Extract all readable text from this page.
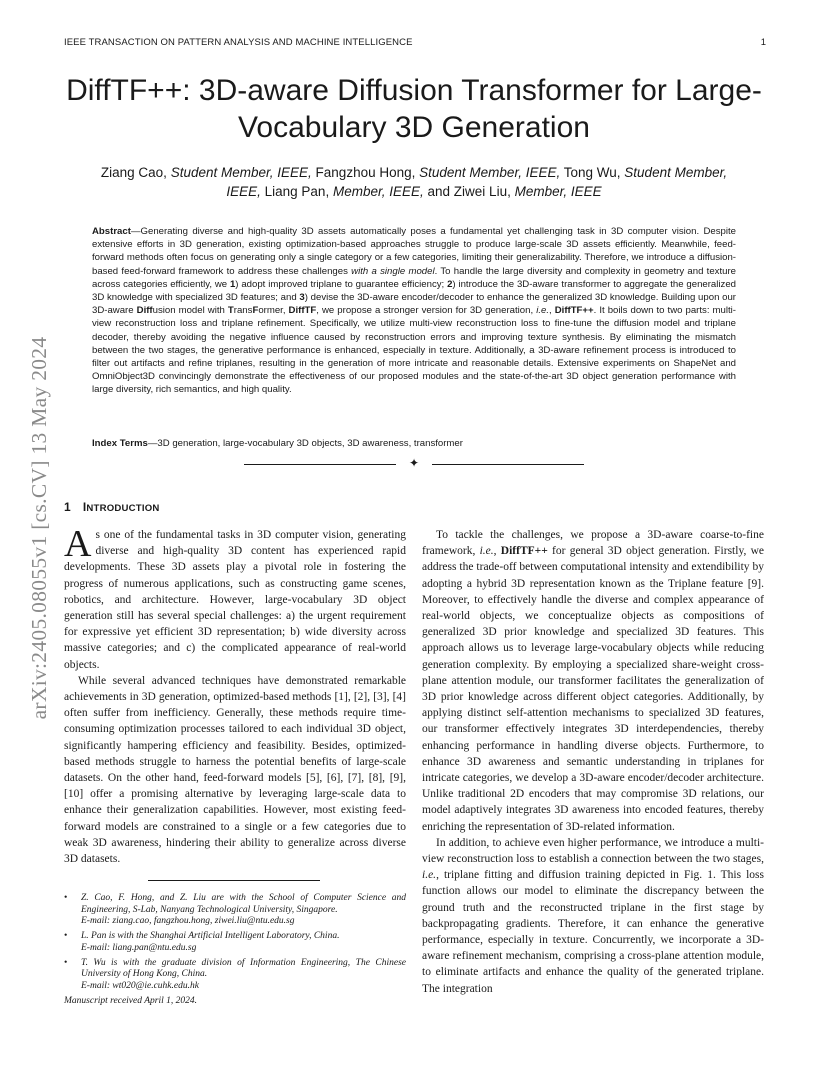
IEEE TRANSACTION ON PATTERN ANALYSIS AND MACHINE INTELLIGENCE	1
arXiv:2405.08055v1 [cs.CV] 13 May 2024
DiffTF++: 3D-aware Diffusion Transformer for Large-Vocabulary 3D Generation
Ziang Cao, Student Member, IEEE, Fangzhou Hong, Student Member, IEEE, Tong Wu, Student Member, IEEE, Liang Pan, Member, IEEE, and Ziwei Liu, Member, IEEE
Abstract—Generating diverse and high-quality 3D assets automatically poses a fundamental yet challenging task in 3D computer vision. Despite extensive efforts in 3D generation, existing optimization-based approaches struggle to produce large-scale 3D assets efficiently. Meanwhile, feed-forward methods often focus on generating only a single category or a few categories, limiting their generalizability. Therefore, we introduce a diffusion-based feed-forward framework to address these challenges with a single model. To handle the large diversity and complexity in geometry and texture across categories efficiently, we 1) adopt improved triplane to guarantee efficiency; 2) introduce the 3D-aware transformer to aggregate the generalized 3D knowledge with specialized 3D features; and 3) devise the 3D-aware encoder/decoder to enhance the generalized 3D knowledge. Building upon our 3D-aware Diffusion model with TransFormer, DiffTF, we propose a stronger version for 3D generation, i.e., DiffTF++. It boils down to two parts: multi-view reconstruction loss and triplane refinement. Specifically, we utilize multi-view reconstruction loss to fine-tune the diffusion model and triplane decoder, thereby avoiding the negative influence caused by reconstruction errors and improving texture synthesis. By eliminating the mismatch between the two stages, the generative performance is enhanced, especially in texture. Additionally, a 3D-aware refinement process is introduced to filter out artifacts and refine triplanes, resulting in the generation of more intricate and reasonable details. Extensive experiments on ShapeNet and OmniObject3D convincingly demonstrate the effectiveness of our proposed modules and the state-of-the-art 3D object generation performance with large diversity, rich semantics, and high quality.
Index Terms—3D generation, large-vocabulary 3D objects, 3D awareness, transformer
✦
1 INTRODUCTION

As one of the fundamental tasks in 3D computer vision, generating diverse and high-quality 3D content has experienced rapid developments. These 3D assets play a pivotal role in fostering the progress of numerous applications, such as constructing game scenes, robotics, and architecture. However, large-vocabulary 3D object generation still has several special challenges: a) the urgent requirement for expressive yet efficient 3D representation; b) wide diversity across massive categories; and c) the complicated appearance of real-world objects.

While several advanced techniques have demonstrated remarkable achievements in 3D generation, optimized-based methods [1], [2], [3], [4] often suffer from inefficiency. Generally, these methods require time-consuming optimization processes tailored to each individual 3D object, significantly hampering efficiency and feasibility. Besides, optimized-based methods struggle to harness the potential benefits of large-scale datasets. On the other hand, feed-forward models [5], [6], [7], [8], [9], [10] offer a promising alternative by leveraging large-scale data to enhance their generalization capabilities. However, most existing feed-forward models are constrained to a single or a few categories due to weak 3D awareness, hindering their ability to generalize across diverse 3D datasets.

To tackle the challenges, we propose a 3D-aware coarse-to-fine framework, i.e., DiffTF++ for general 3D object generation. Firstly, we address the trade-off between computational intensity and extendibility by adopting a hybrid 3D representation known as the Triplane feature [9]. Moreover, to effectively handle the diverse and complex appearance of real-world objects, we conceptualize objects as compositions of generalized 3D prior knowledge and specialized 3D features. This approach allows us to leverage large-vocabulary objects while reducing generation complexity. By employing a specialized share-weight cross-plane attention module, our transformer facilitates the generalization of 3D prior knowledge across different object categories. Additionally, by applying distinct self-attention mechanisms to specialized 3D features, our transformer effectively integrates 3D interdependencies, thereby enhancing performance in handling diverse objects. Furthermore, to enhance 3D awareness and semantic understanding in triplanes for intricate categories, we develop a 3D-aware encoder/decoder architecture. Unlike traditional 2D encoders that may compromise 3D relations, our model adaptively integrates 3D awareness into encoded features, thereby enriching the representation of 3D-related information.

In addition, to achieve even higher performance, we introduce a multi-view reconstruction loss to establish a connection between the two stages, i.e., triplane fitting and diffusion training depicted in Fig. 1. This loss function allows our model to eliminate the discrepancy between the ground truth and the reconstructed triplane in the first stage by backpropagating gradients. Therefore, it can enhance the generative performance, especially in texture. Concurrently, we incorporate a 3D-aware refinement mechanism, comprising a cross-plane attention module, to eliminate artifacts and enhance the quality of the generated triplane. The integration

• Z. Cao, F. Hong, and Z. Liu are with the School of Computer Science and Engineering, S-Lab, Nanyang Technological University, Singapore.
E-mail: ziang.cao, fangzhou.hong, ziwei.liu@ntu.edu.sg
• L. Pan is with the Shanghai Artificial Intelligent Laboratory, China.
E-mail: liang.pan@ntu.edu.sg
• T. Wu is with the graduate division of Information Engineering, The Chinese University of Hong Kong, China.
E-mail: wt020@ie.cuhk.edu.hk
Manuscript received April 1, 2024.
